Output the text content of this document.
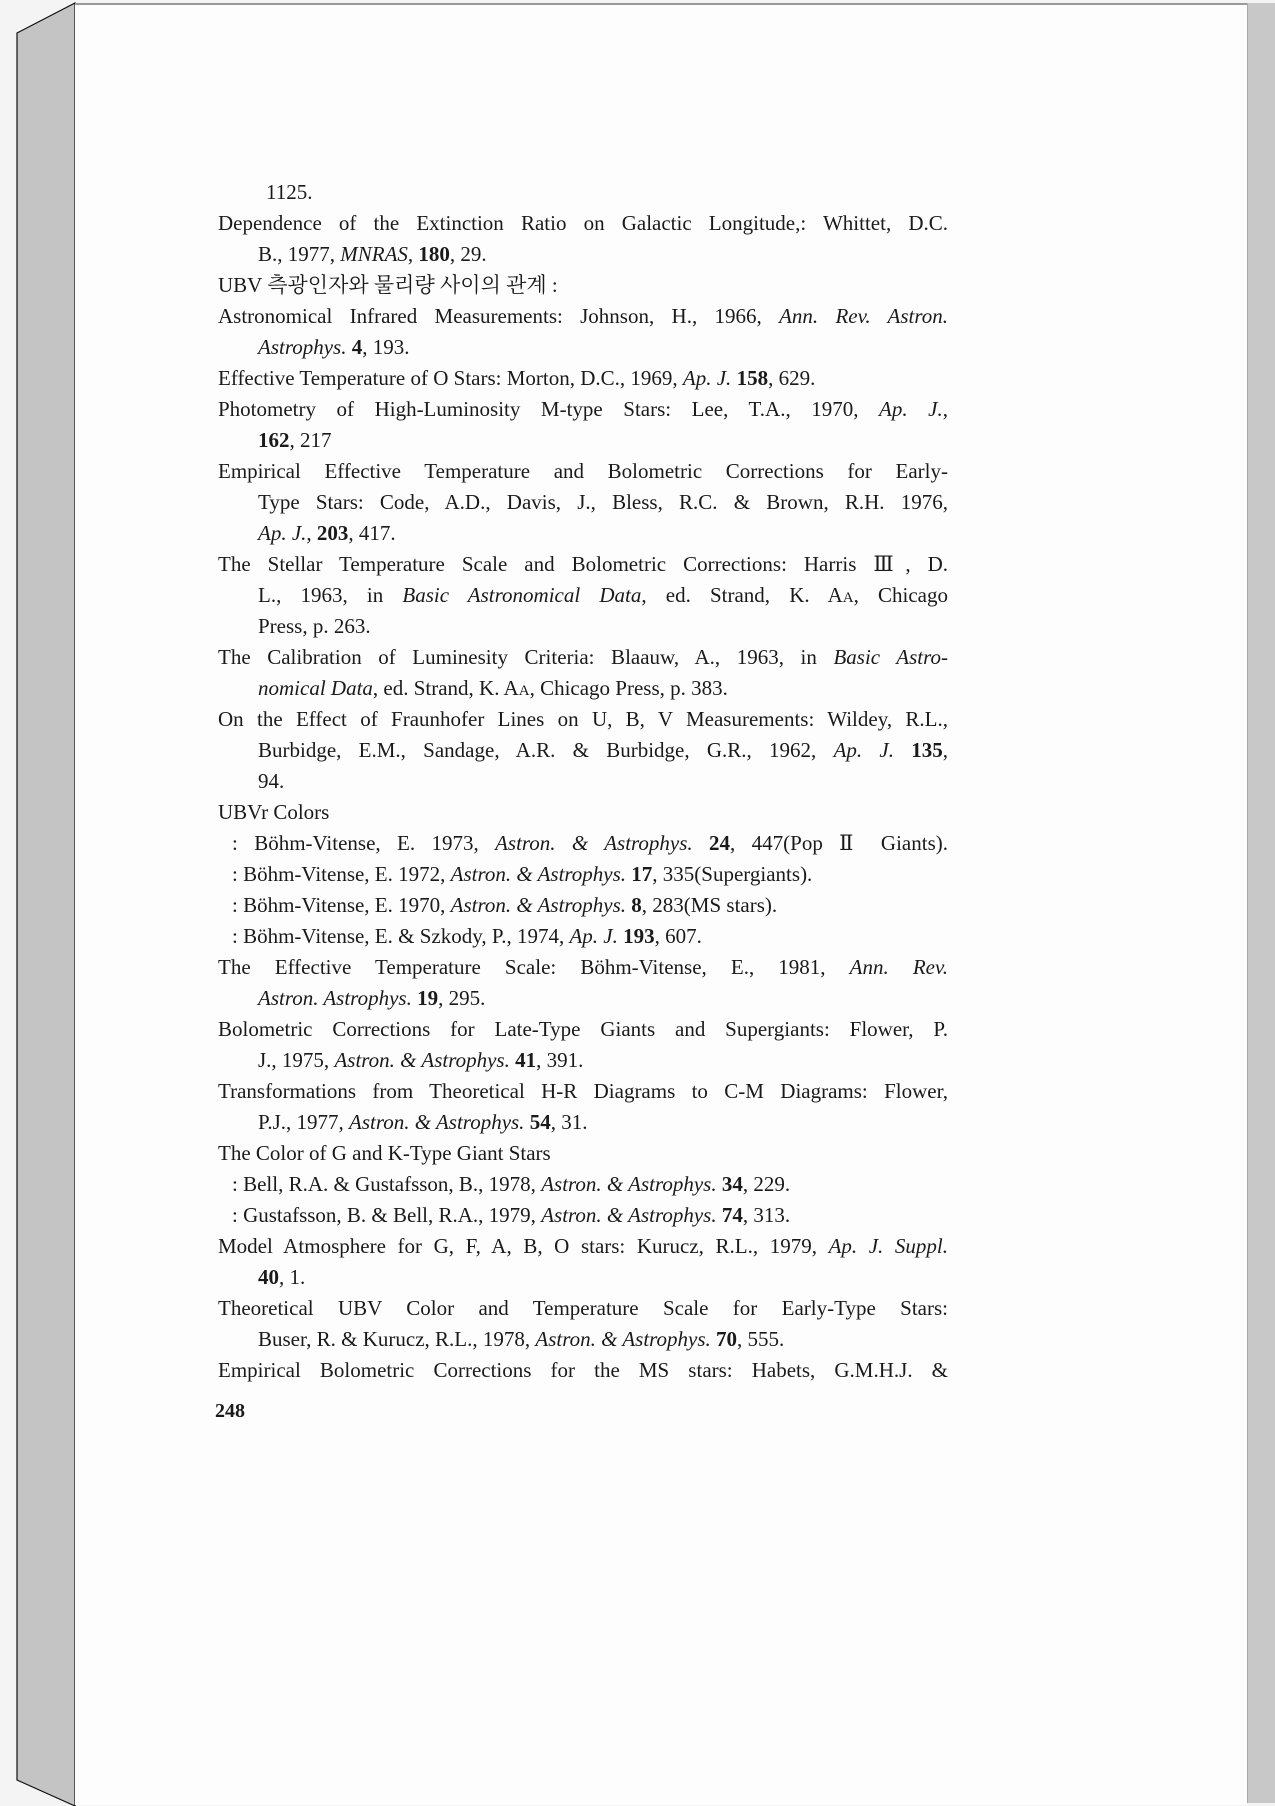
1125.
Dependence of the Extinction Ratio on Galactic Longitude,: Whittet, D.C.
B., 1977, MNRAS, 180, 29.
UBV 측광인자와 물리량 사이의 관계 :
Astronomical Infrared Measurements: Johnson, H., 1966, Ann. Rev. Astron.
Astrophys. 4, 193.
Effective Temperature of O Stars: Morton, D.C., 1969, Ap. J. 158, 629.
Photometry of High-Luminosity M-type Stars: Lee, T.A., 1970, Ap. J.,
162, 217
Empirical Effective Temperature and Bolometric Corrections for Early-
Type Stars: Code, A.D., Davis, J., Bless, R.C. & Brown, R.H. 1976,
Ap. J., 203, 417.
The Stellar Temperature Scale and Bolometric Corrections: Harris Ⅲ, D.
L., 1963, in Basic Astronomical Data, ed. Strand, K. AA, Chicago
Press, p. 263.
The Calibration of Luminesity Criteria: Blaauw, A., 1963, in Basic Astro-
nomical Data, ed. Strand, K. AA, Chicago Press, p. 383.
On the Effect of Fraunhofer Lines on U, B, V Measurements: Wildey, R.L.,
Burbidge, E.M., Sandage, A.R. & Burbidge, G.R., 1962, Ap. J. 135,
94.
UBVr Colors
: Böhm-Vitense, E. 1973, Astron. & Astrophys. 24, 447(Pop Ⅱ Giants).
: Böhm-Vitense, E. 1972, Astron. & Astrophys. 17, 335(Supergiants).
: Böhm-Vitense, E. 1970, Astron. & Astrophys. 8, 283(MS stars).
: Böhm-Vitense, E. & Szkody, P., 1974, Ap. J. 193, 607.
The Effective Temperature Scale: Böhm-Vitense, E., 1981, Ann. Rev.
Astron. Astrophys. 19, 295.
Bolometric Corrections for Late-Type Giants and Supergiants: Flower, P.
J., 1975, Astron. & Astrophys. 41, 391.
Transformations from Theoretical H-R Diagrams to C-M Diagrams: Flower,
P.J., 1977, Astron. & Astrophys. 54, 31.
The Color of G and K-Type Giant Stars
: Bell, R.A. & Gustafsson, B., 1978, Astron. & Astrophys. 34, 229.
: Gustafsson, B. & Bell, R.A., 1979, Astron. & Astrophys. 74, 313.
Model Atmosphere for G, F, A, B, O stars: Kurucz, R.L., 1979, Ap. J. Suppl.
40, 1.
Theoretical UBV Color and Temperature Scale for Early-Type Stars:
Buser, R. & Kurucz, R.L., 1978, Astron. & Astrophys. 70, 555.
Empirical Bolometric Corrections for the MS stars: Habets, G.M.H.J. &
248
